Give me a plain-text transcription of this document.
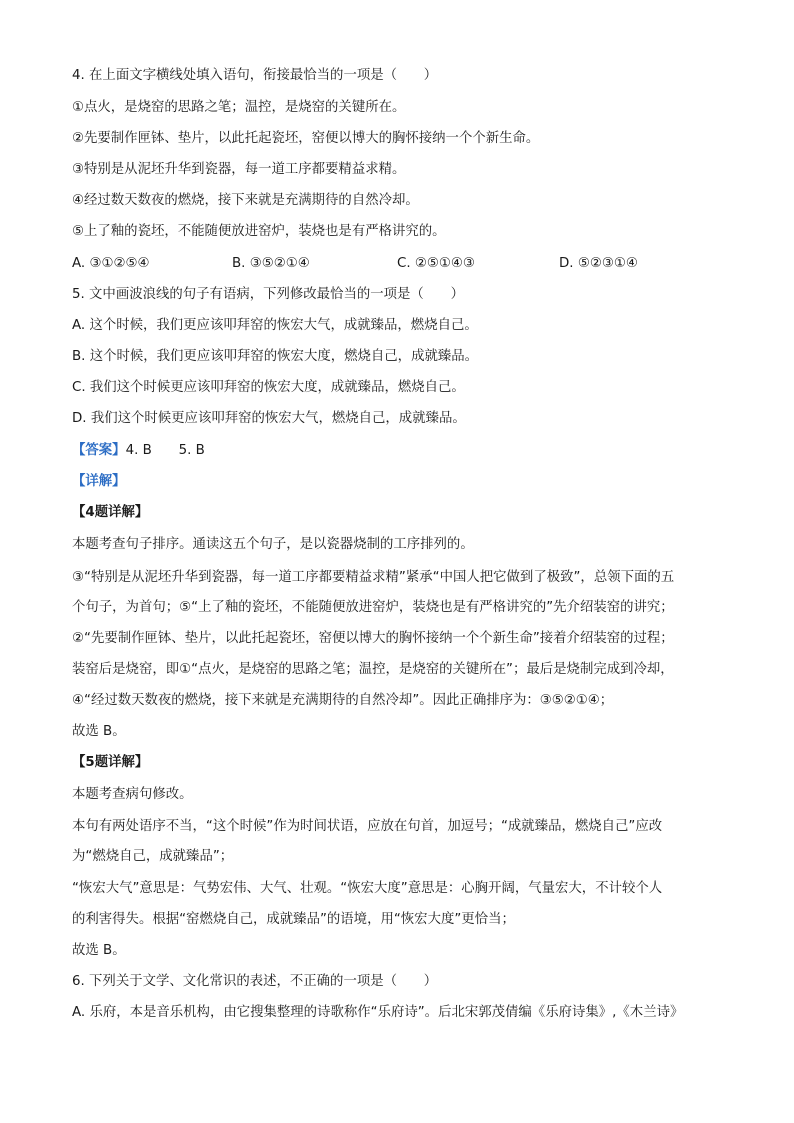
4. 在上面文字横线处填入语句，衔接最恰当的一项是（　　）
①点火，是烧窑的思路之笔；温控，是烧窑的关键所在。
②先要制作匣钵、垫片，以此托起瓷坯，窑便以博大的胸怀接纳一个个新生命。
③特别是从泥坯升华到瓷器，每一道工序都要精益求精。
④经过数天数夜的燃烧，接下来就是充满期待的自然冷却。
⑤上了釉的瓷坯，不能随便放进窑炉，装烧也是有严格讲究的。
A. ③①②⑤④	B. ③⑤②①④	C. ②⑤①④③	D. ⑤②③①④
5. 文中画波浪线的句子有语病，下列修改最恰当的一项是（　　）
A. 这个时候，我们更应该叩拜窑的恢宏大气，成就臻品，燃烧自己。
B. 这个时候，我们更应该叩拜窑的恢宏大度，燃烧自己，成就臻品。
C. 我们这个时候更应该叩拜窑的恢宏大度，成就臻品，燃烧自己。
D. 我们这个时候更应该叩拜窑的恢宏大气，燃烧自己，成就臻品。
【答案】4. B　　5. B
【详解】
【4题详解】
本题考查句子排序。通读这五个句子，是以瓷器烧制的工序排列的。
③“特别是从泥坯升华到瓷器，每一道工序都要精益求精”紧承“中国人把它做到了极致”，总领下面的五
个句子，为首句；⑤“上了釉的瓷坯，不能随便放进窑炉，装烧也是有严格讲究的”先介绍装窑的讲究；
②“先要制作匣钵、垫片，以此托起瓷坯，窑便以博大的胸怀接纳一个个新生命”接着介绍装窑的过程；
装窑后是烧窑，即①“点火，是烧窑的思路之笔；温控，是烧窑的关键所在”；最后是烧制完成到冷却，
④“经过数天数夜的燃烧，接下来就是充满期待的自然冷却”。因此正确排序为：③⑤②①④；
故选 B。
【5题详解】
本题考查病句修改。
本句有两处语序不当，“这个时候”作为时间状语，应放在句首，加逗号；“成就臻品，燃烧自己”应改
为“燃烧自己，成就臻品”；
“恢宏大气”意思是：气势宏伟、大气、壮观。“恢宏大度”意思是：心胸开阔，气量宏大，不计较个人
的利害得失。根据“窑燃烧自己，成就臻品”的语境，用“恢宏大度”更恰当；
故选 B。
6. 下列关于文学、文化常识的表述，不正确的一项是（　　）
A. 乐府，本是音乐机构，由它搜集整理的诗歌称作“乐府诗”。后北宋郭茂倩编《乐府诗集》,《木兰诗》
